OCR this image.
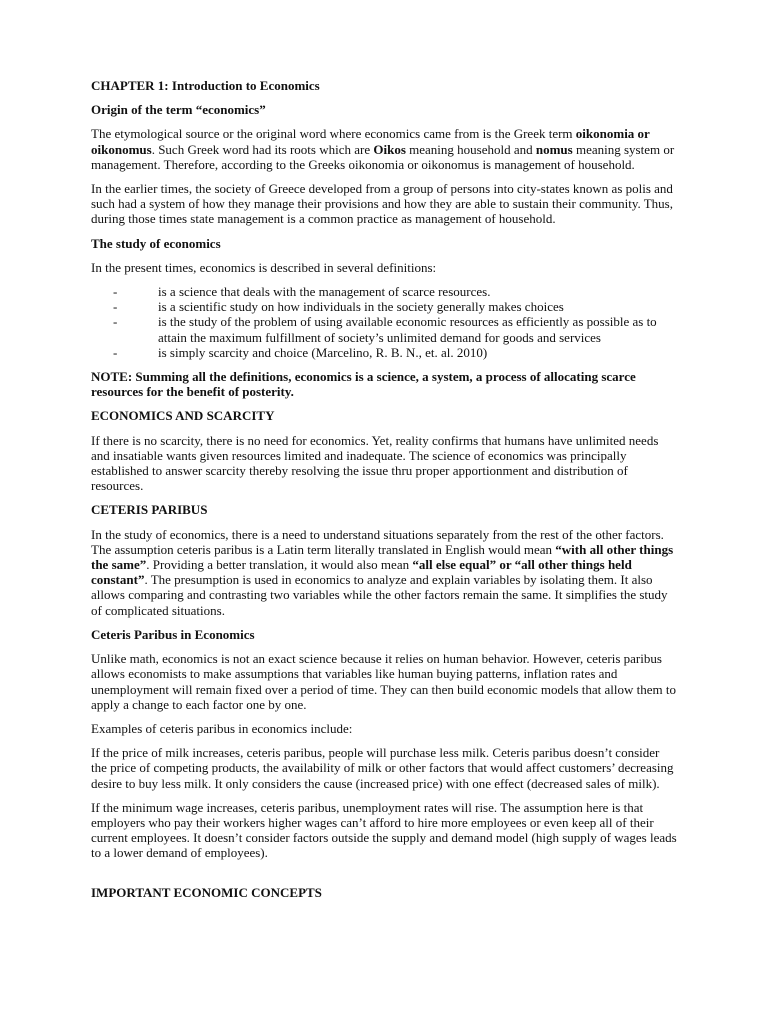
CHAPTER 1: Introduction to Economics
Origin of the term “economics”

The etymological source or the original word where economics came from is the Greek term oikonomia or oikonomus. Such Greek word had its roots which are Oikos meaning household and nomus meaning system or management. Therefore, according to the Greeks oikonomia or oikonomus is management of household.

In the earlier times, the society of Greece developed from a group of persons into city-states known as polis and such had a system of how they manage their provisions and how they are able to sustain their community. Thus, during those times state management is a common practice as management of household.

The study of economics

In the present times, economics is described in several definitions:

-	is a science that deals with the management of scarce resources.
-	is a scientific study on how individuals in the society generally makes choices
-	is the study of the problem of using available economic resources as efficiently as possible as to attain the maximum fulfillment of society’s unlimited demand for goods and services
-	is simply scarcity and choice (Marcelino, R. B. N., et. al. 2010)

NOTE: Summing all the definitions, economics is a science, a system, a process of allocating scarce resources for the benefit of posterity.

ECONOMICS AND SCARCITY

If there is no scarcity, there is no need for economics. Yet, reality confirms that humans have unlimited needs and insatiable wants given resources limited and inadequate. The science of economics was principally established to answer scarcity thereby resolving the issue thru proper apportionment and distribution of resources.

CETERIS PARIBUS

In the study of economics, there is a need to understand situations separately from the rest of the other factors. The assumption ceteris paribus is a Latin term literally translated in English would mean “with all other things the same”. Providing a better translation, it would also mean “all else equal” or “all other things held constant”. The presumption is used in economics to analyze and explain variables by isolating them. It also allows comparing and contrasting two variables while the other factors remain the same. It simplifies the study of complicated situations.

Ceteris Paribus in Economics

Unlike math, economics is not an exact science because it relies on human behavior. However, ceteris paribus allows economists to make assumptions that variables like human buying patterns, inflation rates and unemployment will remain fixed over a period of time. They can then build economic models that allow them to apply a change to each factor one by one.

Examples of ceteris paribus in economics include:

If the price of milk increases, ceteris paribus, people will purchase less milk. Ceteris paribus doesn’t consider the price of competing products, the availability of milk or other factors that would affect customers’ decreasing desire to buy less milk. It only considers the cause (increased price) with one effect (decreased sales of milk).

If the minimum wage increases, ceteris paribus, unemployment rates will rise. The assumption here is that employers who pay their workers higher wages can’t afford to hire more employees or even keep all of their current employees. It doesn’t consider factors outside the supply and demand model (high supply of wages leads to a lower demand of employees).

IMPORTANT ECONOMIC CONCEPTS
